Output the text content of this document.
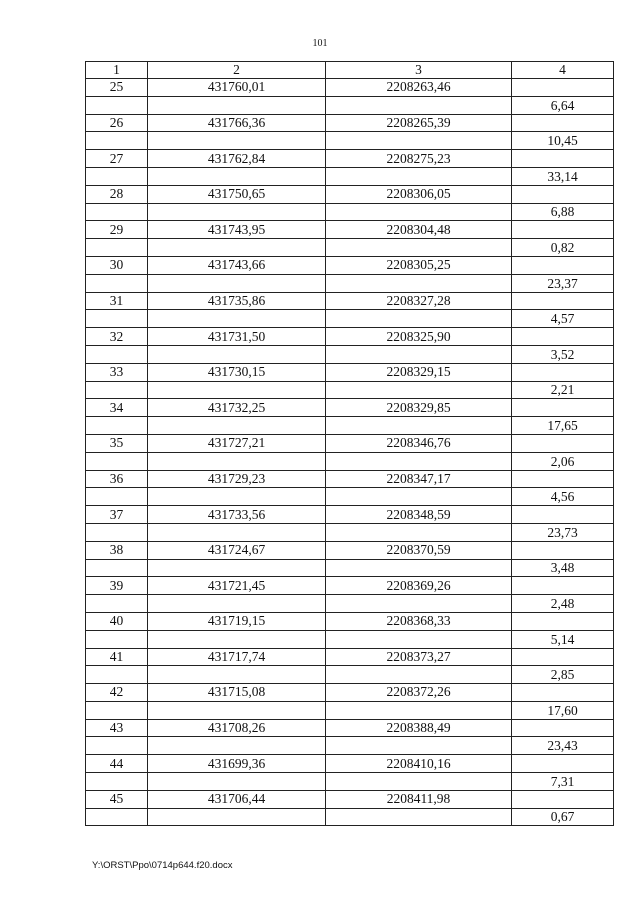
101
1	2	3	4
25	431760,01	2208263,46	
			6,64
26	431766,36	2208265,39	
			10,45
27	431762,84	2208275,23	
			33,14
28	431750,65	2208306,05	
			6,88
29	431743,95	2208304,48	
			0,82
30	431743,66	2208305,25	
			23,37
31	431735,86	2208327,28	
			4,57
32	431731,50	2208325,90	
			3,52
33	431730,15	2208329,15	
			2,21
34	431732,25	2208329,85	
			17,65
35	431727,21	2208346,76	
			2,06
36	431729,23	2208347,17	
			4,56
37	431733,56	2208348,59	
			23,73
38	431724,67	2208370,59	
			3,48
39	431721,45	2208369,26	
			2,48
40	431719,15	2208368,33	
			5,14
41	431717,74	2208373,27	
			2,85
42	431715,08	2208372,26	
			17,60
43	431708,26	2208388,49	
			23,43
44	431699,36	2208410,16	
			7,31
45	431706,44	2208411,98	
			0,67
Y:\ORST\Ppo\0714p644.f20.docx
